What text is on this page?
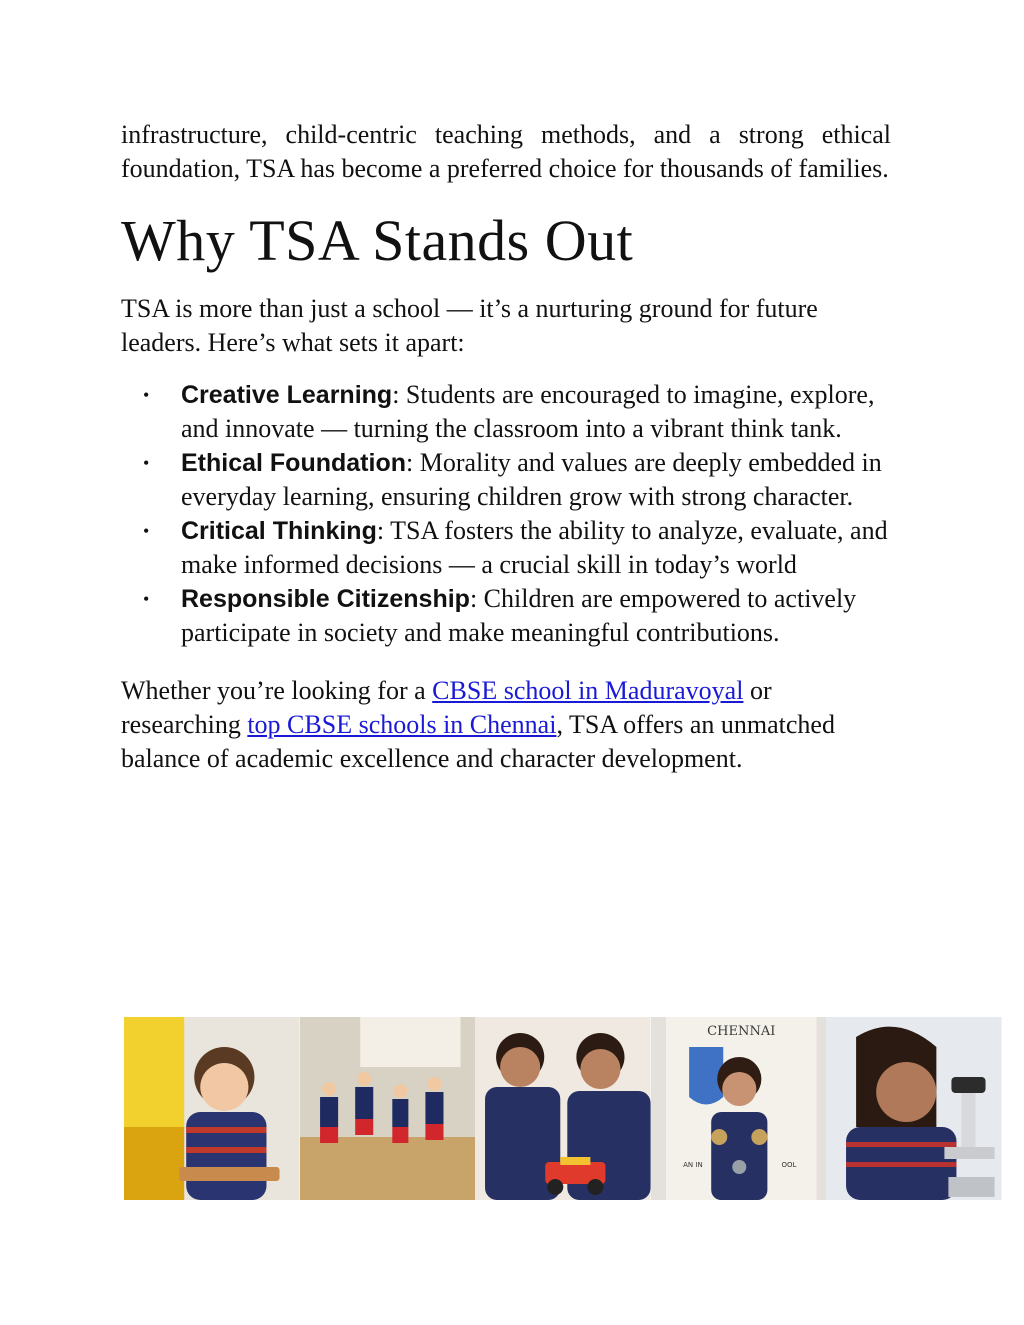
infrastructure, child-centric teaching methods, and a strong ethical foundation, TSA has become a preferred choice for thousands of families.

Why TSA Stands Out

TSA is more than just a school — it’s a nurturing ground for future leaders. Here’s what sets it apart:

• Creative Learning: Students are encouraged to imagine, explore, and innovate — turning the classroom into a vibrant think tank.
• Ethical Foundation: Morality and values are deeply embedded in everyday learning, ensuring children grow with strong character.
• Critical Thinking: TSA fosters the ability to analyze, evaluate, and make informed decisions — a crucial skill in today’s world
• Responsible Citizenship: Children are empowered to actively participate in society and make meaningful contributions.

Whether you’re looking for a CBSE school in Maduravoyal or researching top CBSE schools in Chennai, TSA offers an unmatched balance of academic excellence and character development.

CHENNAI
AN IN	OOL
